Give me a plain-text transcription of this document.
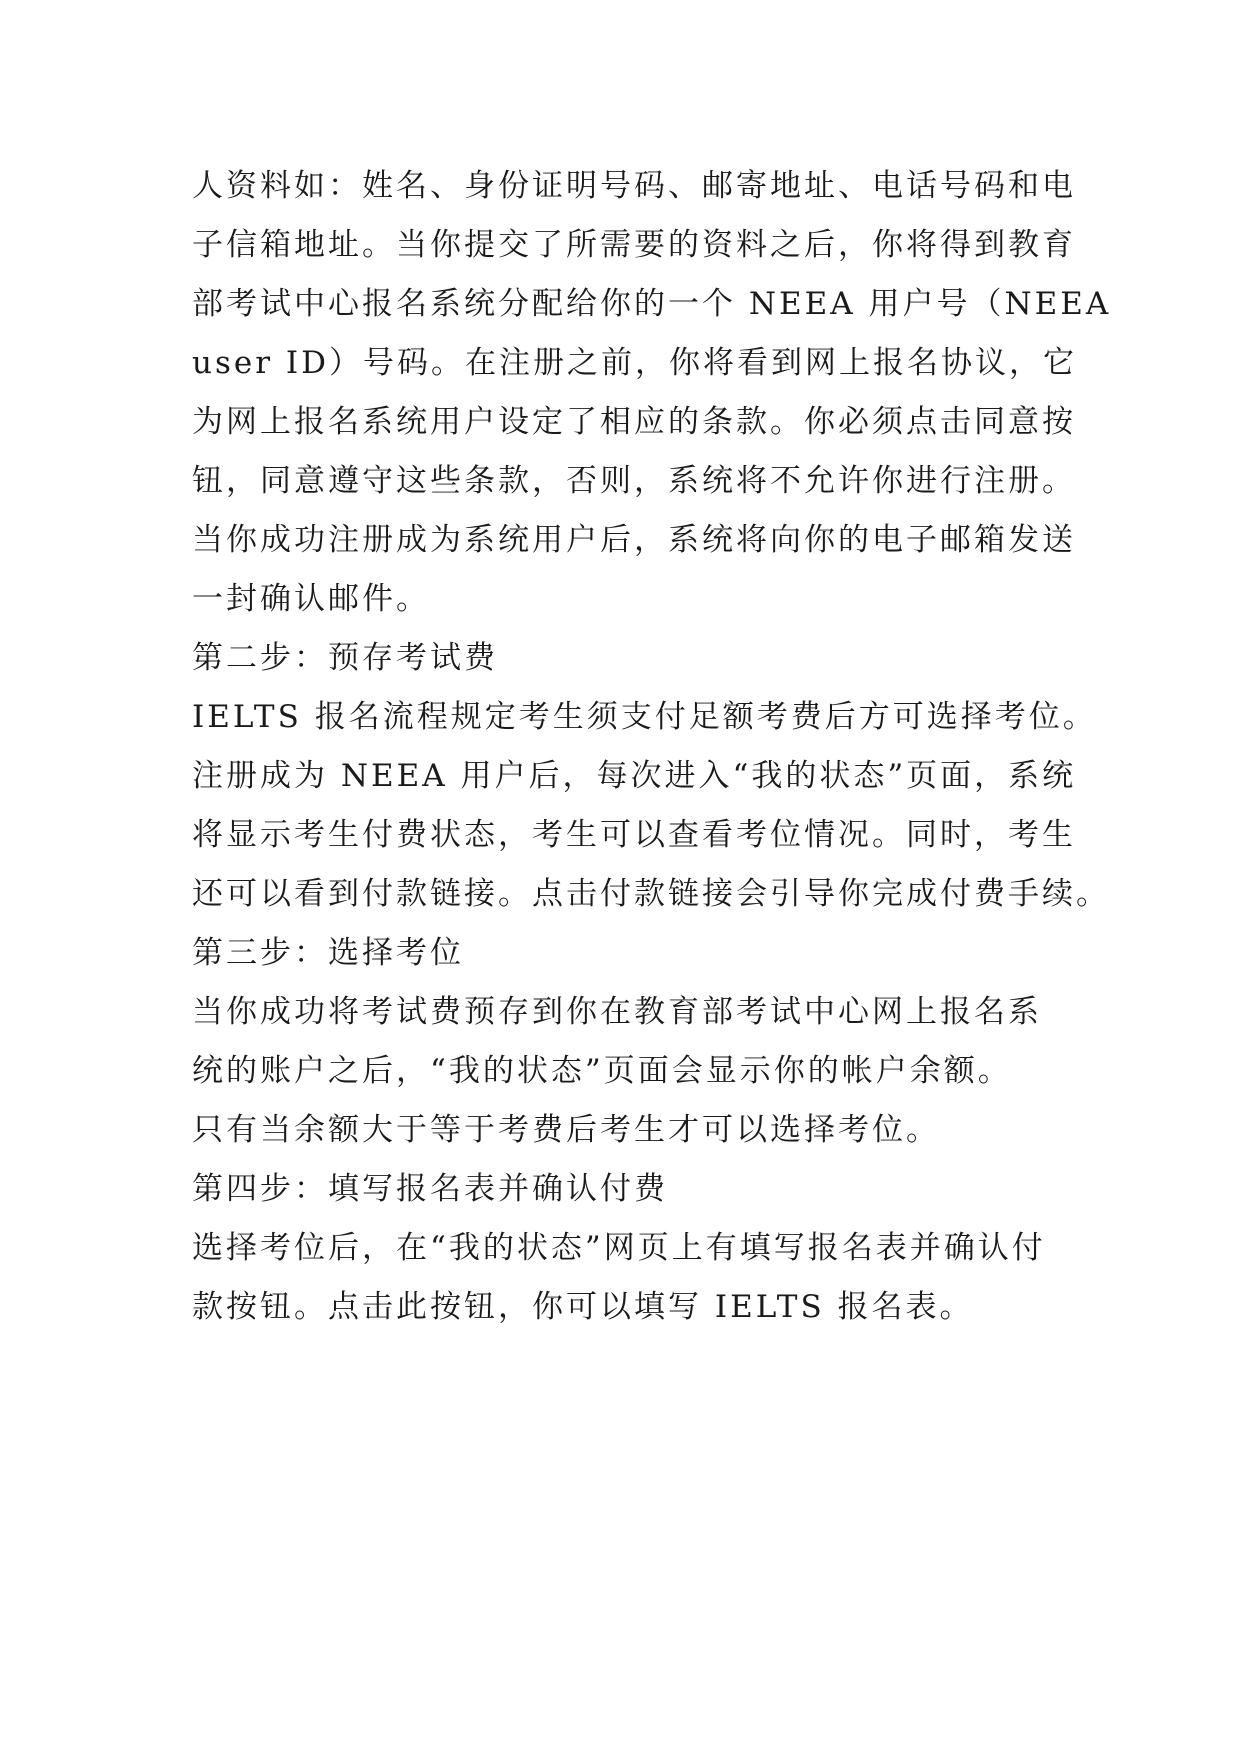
人资料如：姓名、身份证明号码、邮寄地址、电话号码和电
子信箱地址。当你提交了所需要的资料之后，你将得到教育
部考试中心报名系统分配给你的一个 NEEA 用户号（NEEA
user ID）号码。在注册之前，你将看到网上报名协议，它
为网上报名系统用户设定了相应的条款。你必须点击同意按
钮，同意遵守这些条款，否则，系统将不允许你进行注册。
当你成功注册成为系统用户后，系统将向你的电子邮箱发送
一封确认邮件。
第二步：预存考试费
IELTS 报名流程规定考生须支付足额考费后方可选择考位。
注册成为 NEEA 用户后，每次进入“我的状态”页面，系统
将显示考生付费状态，考生可以查看考位情况。同时，考生
还可以看到付款链接。点击付款链接会引导你完成付费手续。
第三步：选择考位
当你成功将考试费预存到你在教育部考试中心网上报名系
统的账户之后，“我的状态”页面会显示你的帐户余额。
只有当余额大于等于考费后考生才可以选择考位。
第四步：填写报名表并确认付费
选择考位后，在“我的状态”网页上有填写报名表并确认付
款按钮。点击此按钮，你可以填写 IELTS 报名表。
